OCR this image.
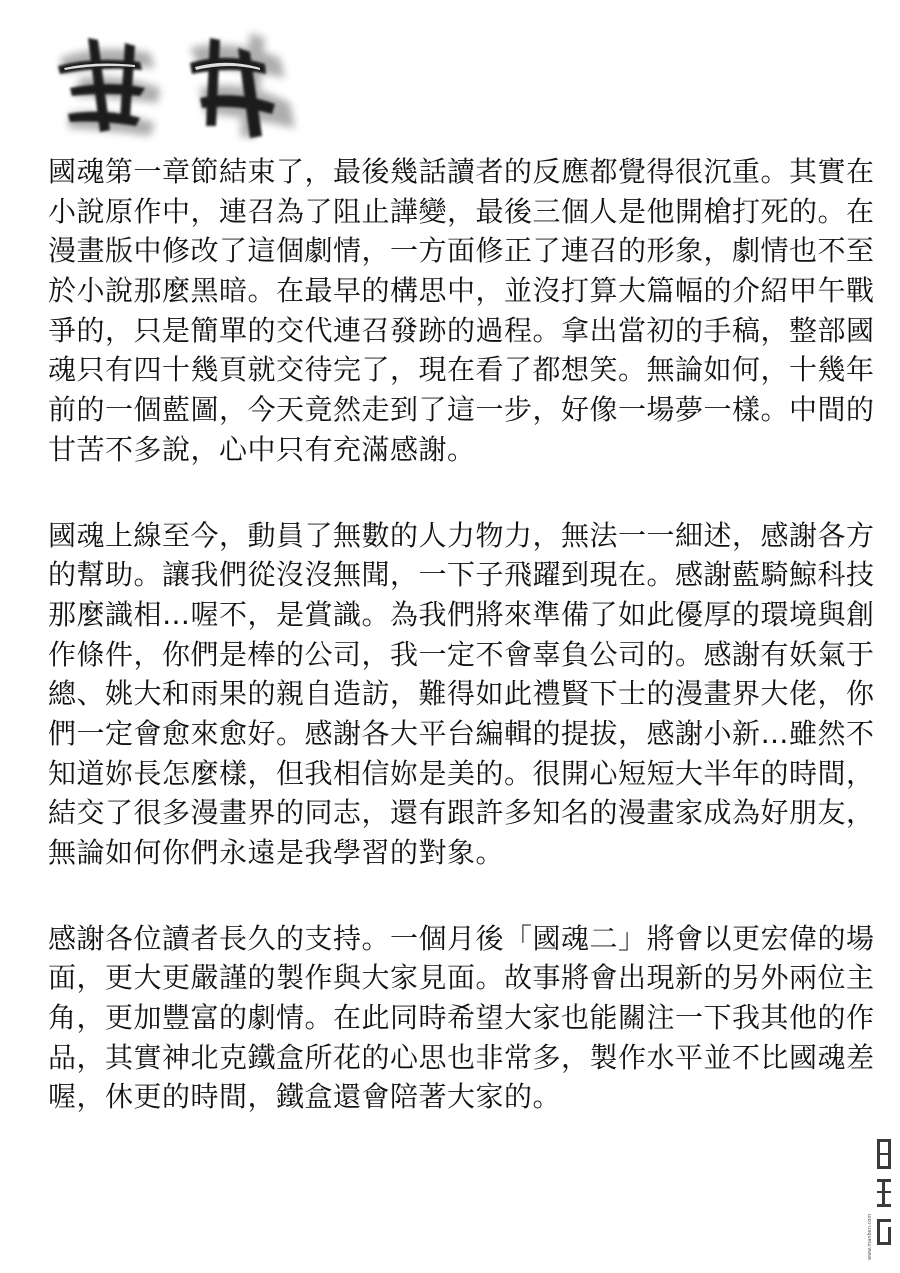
國魂第一章節結束了，最後幾話讀者的反應都覺得很沉重。其實在
小說原作中，連召為了阻止譁變，最後三個人是他開槍打死的。在
漫畫版中修改了這個劇情，一方面修正了連召的形象，劇情也不至
於小說那麼黑暗。在最早的構思中，並沒打算大篇幅的介紹甲午戰
爭的，只是簡單的交代連召發跡的過程。拿出當初的手稿，整部國
魂只有四十幾頁就交待完了，現在看了都想笑。無論如何，十幾年
前的一個藍圖，今天竟然走到了這一步，好像一場夢一樣。中間的
甘苦不多說，心中只有充滿感謝。
國魂上線至今，動員了無數的人力物力，無法一一細述，感謝各方
的幫助。讓我們從沒沒無聞，一下子飛躍到現在。感謝藍騎鯨科技
那麼識相…喔不，是賞識。為我們將來準備了如此優厚的環境與創
作條件，你們是棒的公司，我一定不會辜負公司的。感謝有妖氣于
總、姚大和雨果的親自造訪，難得如此禮賢下士的漫畫界大佬，你
們一定會愈來愈好。感謝各大平台編輯的提拔，感謝小新…雖然不
知道妳長怎麼樣，但我相信妳是美的。很開心短短大半年的時間，
結交了很多漫畫界的同志，還有跟許多知名的漫畫家成為好朋友，
無論如何你們永遠是我學習的對象。
感謝各位讀者長久的支持。一個月後「國魂二」將會以更宏偉的場
面，更大更嚴謹的製作與大家見面。故事將會出現新的另外兩位主
角，更加豐富的劇情。在此同時希望大家也能關注一下我其他的作
品，其實神北克鐵盒所花的心思也非常多，製作水平並不比國魂差
喔，休更的時間，鐵盒還會陪著大家的。
www.manben.com
